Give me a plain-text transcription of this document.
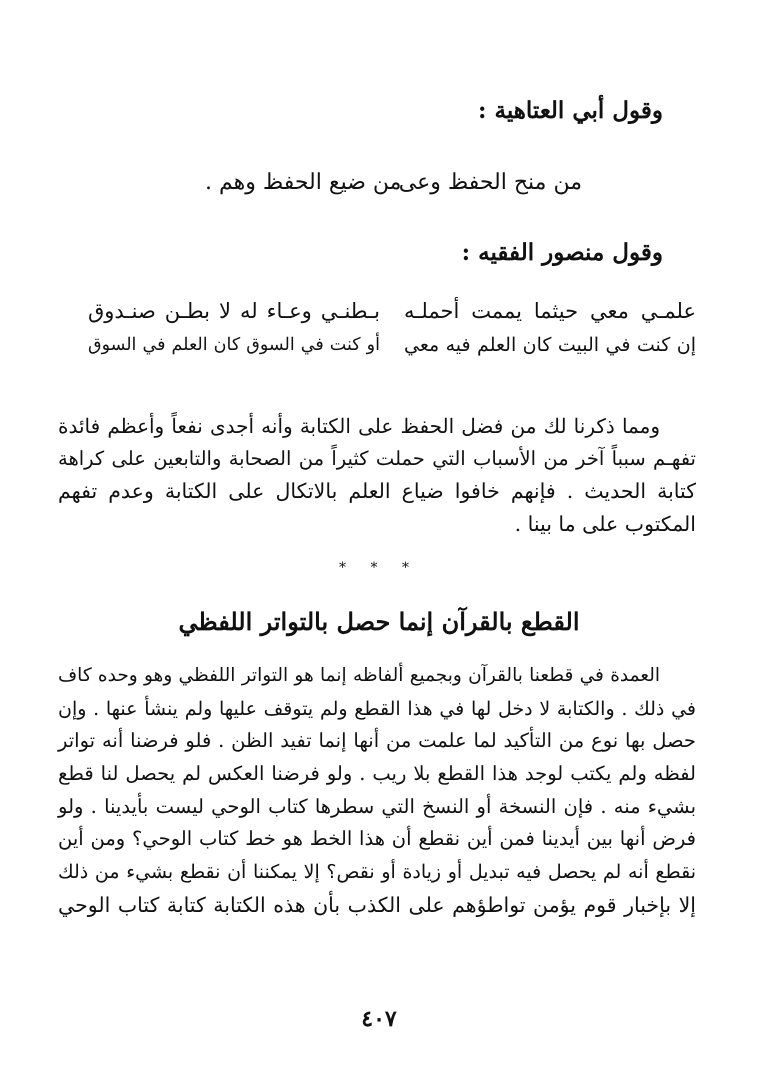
وقول أبي العتاهية :
من منح الحفظ وعى
من ضيع الحفظ وهم .
وقول منصور الفقيه :
علمـي معي حيثما يممت أحملـه
بـطنـي وعـاء له لا بطـن صنـدوق
إن كنت في البيت كان العلم فيه معي
أو كنت في السوق كان العلم في السوق
ومما ذكرنا لك من فضل الحفظ على الكتابة وأنه أجدى نفعاً وأعظم فائدة
تفهـم سبباً آخر من الأسباب التي حملت كثيراً من الصحابة والتابعين على كراهة
كتابة الحديث . فإنهم خافوا ضياع العلم بالاتكال على الكتابة وعدم تفهم
المكتوب على ما بينا .
* * *
القطع بالقرآن إنما حصل بالتواتر اللفظي
العمدة في قطعنا بالقرآن وبجميع ألفاظه إنما هو التواتر اللفظي وهو وحده كاف
في ذلك . والكتابة لا دخل لها في هذا القطع ولم يتوقف عليها ولم ينشأ عنها . وإن
حصل بها نوع من التأكيد لما علمت من أنها إنما تفيد الظن . فلو فرضنا أنه تواتر
لفظه ولم يكتب لوجد هذا القطع بلا ريب . ولو فرضنا العكس لم يحصل لنا قطع
بشيء منه . فإن النسخة أو النسخ التي سطرها كتاب الوحي ليست بأيدينا . ولو
فرض أنها بين أيدينا فمن أين نقطع أن هذا الخط هو خط كتاب الوحي؟ ومن أين
نقطع أنه لم يحصل فيه تبديل أو زيادة أو نقص؟ إلا يمكننا أن نقطع بشيء من ذلك
إلا بإخبار قوم يؤمن تواطؤهم على الكذب بأن هذه الكتابة كتابة كتاب الوحي
٤٠٧
